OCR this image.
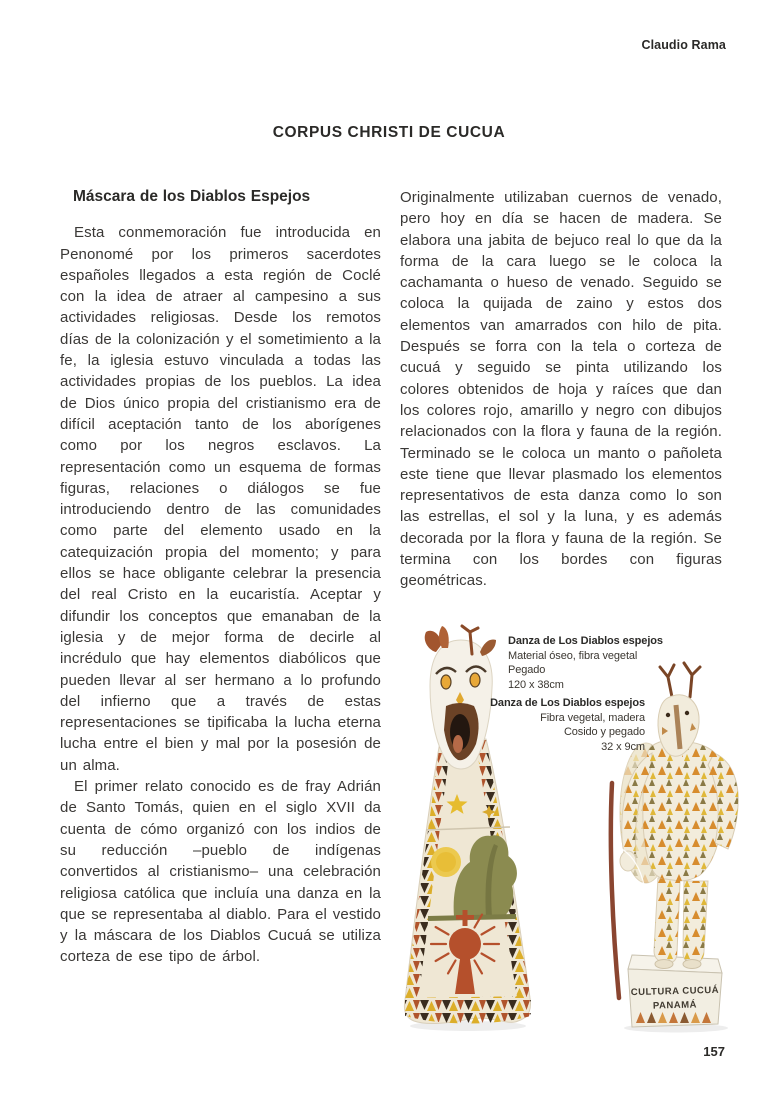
Claudio Rama
CORPUS CHRISTI DE CUCUA
Máscara de los Diablos Espejos

Esta conmemoración fue introducida en Penonomé por los primeros sacerdotes españoles llegados a esta región de Coclé con la idea de atraer al campesino a sus actividades religiosas. Desde los remotos días de la colonización y el sometimiento a la fe, la iglesia estuvo vinculada a todas las actividades propias de los pueblos. La idea de Dios único propia del cristianismo era de difícil aceptación tanto de los aborígenes como por los negros esclavos. La representación como un esquema de formas figuras, relaciones o diálogos se fue introduciendo dentro de las comunidades como parte del elemento usado en la catequización propia del momento; y para ellos se hace obligante celebrar la presencia del real Cristo en la eucaristía. Aceptar y difundir los conceptos que emanaban de la iglesia y de mejor forma de decirle al incrédulo que hay elementos diabólicos que pueden llevar al ser hermano a lo profundo del infierno que a través de estas representaciones se tipificaba la lucha eterna lucha entre el bien y mal por la posesión de un alma.

El primer relato conocido es de fray Adrián de Santo Tomás, quien en el siglo XVII da cuenta de cómo organizó con los indios de su reducción –pueblo de indígenas convertidos al cristianismo– una celebración religiosa católica que incluía una danza en la que se representaba al diablo. Para el vestido y la máscara de los Diablos Cucuá se utiliza corteza de ese tipo de árbol.

Originalmente utilizaban cuernos de venado, pero hoy en día se hacen de madera. Se elabora una jabita de bejuco real lo que da la forma de la cara luego se le coloca la cachamanta o hueso de venado. Seguido se coloca la quijada de zaino y estos dos elementos van amarrados con hilo de pita. Después se forra con la tela o corteza de cucuá y seguido se pinta utilizando los colores obtenidos de hoja y raíces que dan los colores rojo, amarillo y negro con dibujos relacionados con la flora y fauna de la región. Terminado se le coloca un manto o pañoleta este tiene que llevar plasmado los elementos representativos de esta danza como lo son las estrellas, el sol y la luna, y es además decorada por la flora y fauna de la región. Se termina con los bordes con figuras geométricas.

CULTURA CUCUÁ
PANAMÁ
Danza de Los Diablos espejos
Material óseo, fibra vegetal
Pegado
120 x 38cm
Danza de Los Diablos espejos
Fibra vegetal, madera
Cosido y pegado
32 x 9cm
157
